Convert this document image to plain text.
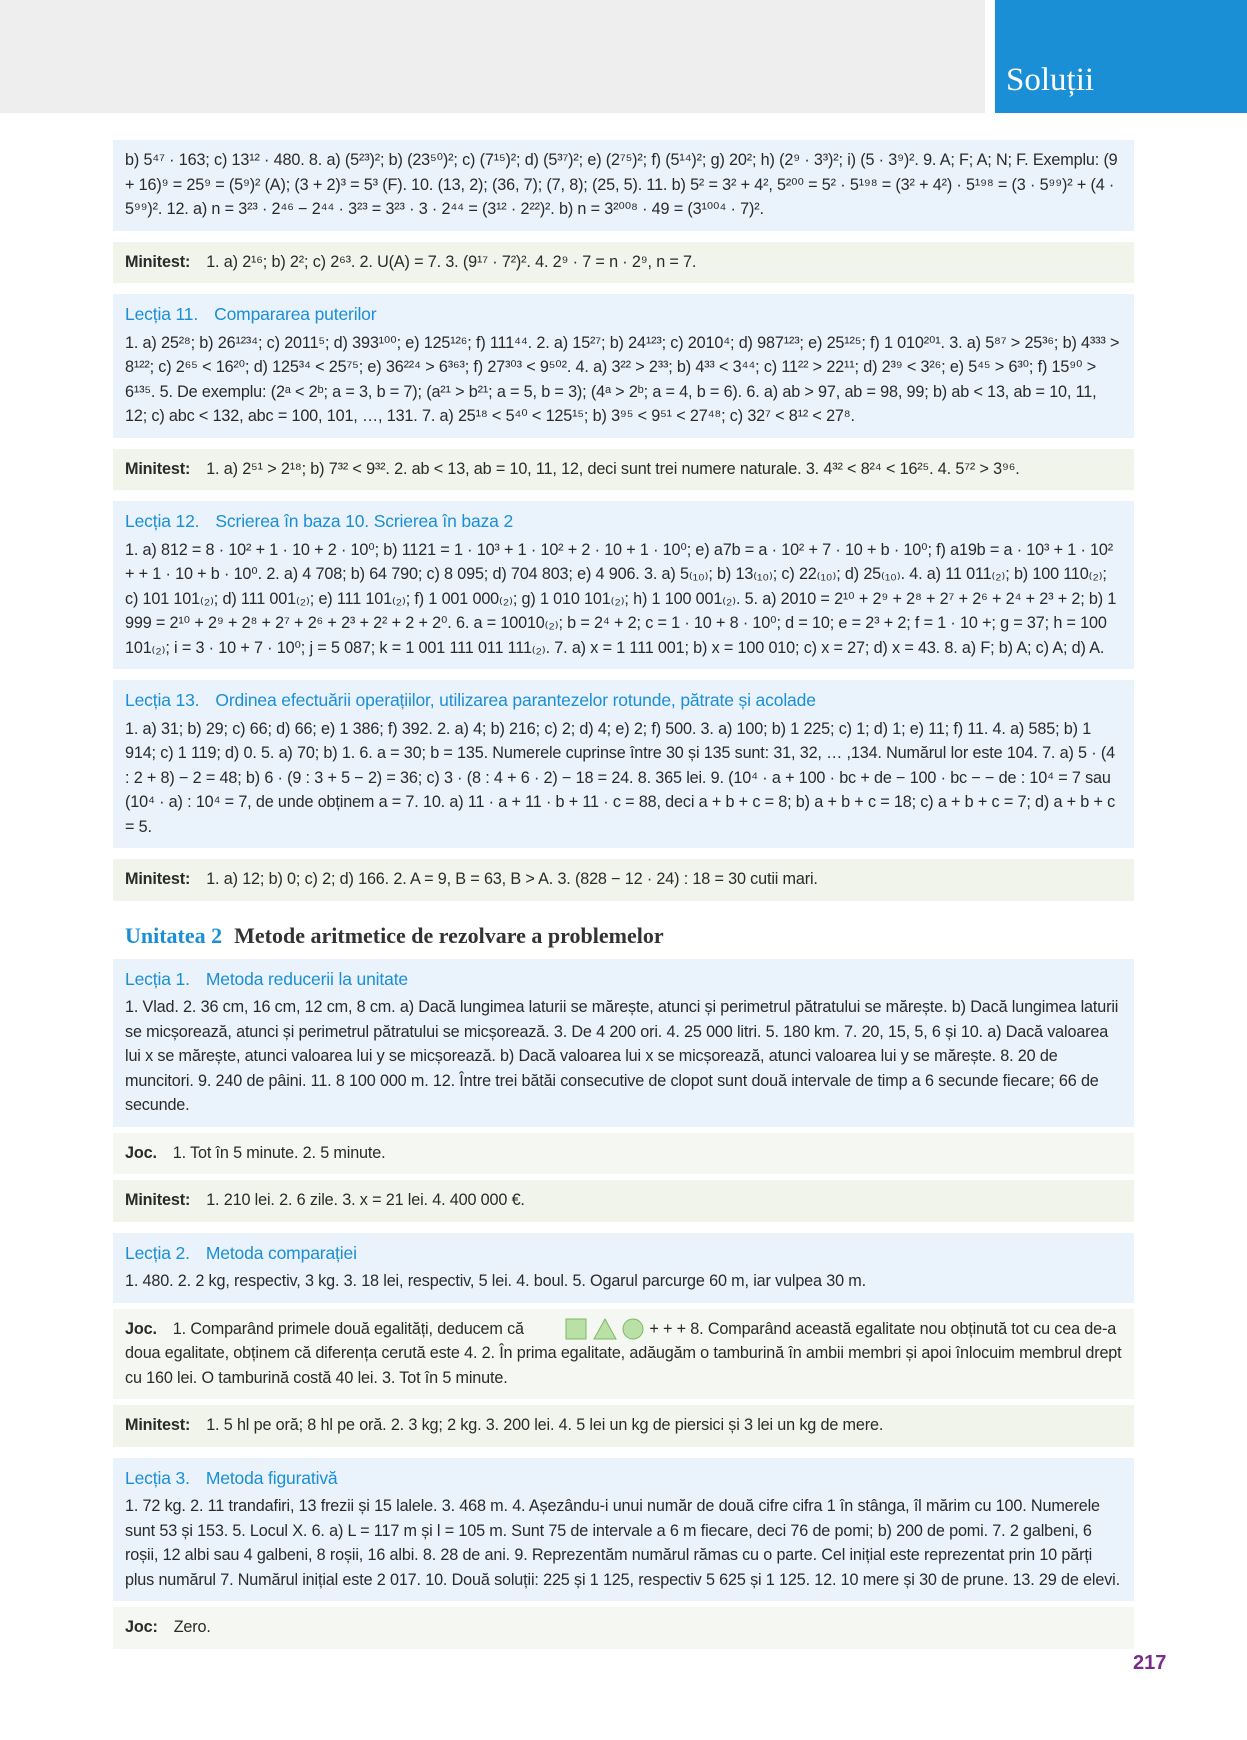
Soluții
b) 5⁴⁷ · 163; c) 13¹² · 480. 8. a) (5²³)²; b) (23⁵⁰)²; c) (7¹⁵)²; d) (5³⁷)²; e) (2⁷⁵)²; f) (5¹⁴)²; g) 20²; h) (2⁹ · 3³)²; i) (5 · 3⁹)². 9. A; F; A; N; F. Exemplu: (9 + 16)⁹ = 25⁹ = (5⁹)² (A); (3 + 2)³ = 5³ (F). 10. (13, 2); (36, 7); (7, 8); (25, 5). 11. b) 5² = 3² + 4², 5²⁰⁰ = 5² · 5¹⁹⁸ = (3² + 4²) · 5¹⁹⁸ = (3 · 5⁹⁹)² + (4 · 5⁹⁹)². 12. a) n = 3²³ · 2⁴⁶ − 2⁴⁴ · 3²³ = 3²³ · 3 · 2⁴⁴ = (3¹² · 2²²)². b) n = 3²⁰⁰⁸ · 49 = (3¹⁰⁰⁴ · 7)².
Minitest: 1. a) 2¹⁶; b) 2²; c) 2⁶³. 2. U(A) = 7. 3. (9¹⁷ · 7²)². 4. 2⁹ · 7 = n · 2⁹, n = 7.
Lecția 11. Compararea puterilor
1. a) 25²⁸; b) 26¹²³⁴; c) 2011⁵; d) 393¹⁰⁰; e) 125¹²⁶; f) 111⁴⁴. 2. a) 15²⁷; b) 24¹²³; c) 2010⁴; d) 987¹²³; e) 25¹²⁵; f) 1 010²⁰¹. 3. a) 5⁸⁷ > 25³⁶; b) 4³³³ > 8¹²²; c) 2⁶⁵ < 16²⁰; d) 125³⁴ < 25⁷⁵; e) 36²²⁴ > 6³⁶³; f) 27³⁰³ < 9⁵⁰². 4. a) 3²² > 2³³; b) 4³³ < 3⁴⁴; c) 11²² > 22¹¹; d) 2³⁹ < 3²⁶; e) 5⁴⁵ > 6³⁰; f) 15⁹⁰ > 6¹³⁵. 5. De exemplu: (2ᵃ < 2ᵇ; a = 3, b = 7); (a²¹ > b²¹; a = 5, b = 3); (4ᵃ > 2ᵇ; a = 4, b = 6). 6. a) ab > 97, ab = 98, 99; b) ab < 13, ab = 10, 11, 12; c) abc < 132, abc = 100, 101, …, 131. 7. a) 25¹⁸ < 5⁴⁰ < 125¹⁵; b) 3⁹⁵ < 9⁵¹ < 27⁴⁸; c) 32⁷ < 8¹² < 27⁸.
Minitest: 1. a) 2⁵¹ > 2¹⁸; b) 7³² < 9³². 2. ab < 13, ab = 10, 11, 12, deci sunt trei numere naturale. 3. 4³² < 8²⁴ < 16²⁵. 4. 5⁷² > 3⁹⁶.
Lecția 12. Scrierea în baza 10. Scrierea în baza 2
1. a) 812 = 8 · 10² + 1 · 10 + 2 · 10⁰; b) 1121 = 1 · 10³ + 1 · 10² + 2 · 10 + 1 · 10⁰; e) a7b = a · 10² + 7 · 10 + b · 10⁰; f) a19b = a · 10³ + 1 · 10² + + 1 · 10 + b · 10⁰. 2. a) 4 708; b) 64 790; c) 8 095; d) 704 803; e) 4 906. 3. a) 5₍₁₀₎; b) 13₍₁₀₎; c) 22₍₁₀₎; d) 25₍₁₀₎. 4. a) 11 011₍₂₎; b) 100 110₍₂₎; c) 101 101₍₂₎; d) 111 001₍₂₎; e) 111 101₍₂₎; f) 1 001 000₍₂₎; g) 1 010 101₍₂₎; h) 1 100 001₍₂₎. 5. a) 2010 = 2¹⁰ + 2⁹ + 2⁸ + 2⁷ + 2⁶ + 2⁴ + 2³ + 2; b) 1 999 = 2¹⁰ + 2⁹ + 2⁸ + 2⁷ + 2⁶ + 2³ + 2² + 2 + 2⁰. 6. a = 10010₍₂₎; b = 2⁴ + 2; c = 1 · 10 + 8 · 10⁰; d = 10; e = 2³ + 2; f = 1 · 10 +; g = 37; h = 100 101₍₂₎; i = 3 · 10 + 7 · 10⁰; j = 5 087; k = 1 001 111 011 111₍₂₎. 7. a) x = 1 111 001; b) x = 100 010; c) x = 27; d) x = 43. 8. a) F; b) A; c) A; d) A.
Lecția 13. Ordinea efectuării operațiilor, utilizarea parantezelor rotunde, pătrate și acolade
1. a) 31; b) 29; c) 66; d) 66; e) 1 386; f) 392. 2. a) 4; b) 216; c) 2; d) 4; e) 2; f) 500. 3. a) 100; b) 1 225; c) 1; d) 1; e) 11; f) 11. 4. a) 585; b) 1 914; c) 1 119; d) 0. 5. a) 70; b) 1. 6. a = 30; b = 135. Numerele cuprinse între 30 și 135 sunt: 31, 32, … ,134. Numărul lor este 104. 7. a) 5 · (4 : 2 + 8) − 2 = 48; b) 6 · (9 : 3 + 5 − 2) = 36; c) 3 · (8 : 4 + 6 · 2) − 18 = 24. 8. 365 lei. 9. (10⁴ · a + 100 · bc + de − 100 · bc − − de : 10⁴ = 7 sau (10⁴ · a) : 10⁴ = 7, de unde obținem a = 7. 10. a) 11 · a + 11 · b + 11 · c = 88, deci a + b + c = 8; b) a + b + c = 18; c) a + b + c = 7; d) a + b + c = 5.
Minitest: 1. a) 12; b) 0; c) 2; d) 166. 2. A = 9, B = 63, B > A. 3. (828 − 12 · 24) : 18 = 30 cutii mari.
Unitatea 2 Metode aritmetice de rezolvare a problemelor
Lecția 1. Metoda reducerii la unitate
1. Vlad. 2. 36 cm, 16 cm, 12 cm, 8 cm. a) Dacă lungimea laturii se mărește, atunci și perimetrul pătratului se mărește. b) Dacă lungimea laturii se micșorează, atunci și perimetrul pătratului se micșorează. 3. De 4 200 ori. 4. 25 000 litri. 5. 180 km. 7. 20, 15, 5, 6 și 10. a) Dacă valoarea lui x se mărește, atunci valoarea lui y se micșorează. b) Dacă valoarea lui x se micșorează, atunci valoarea lui y se mărește. 8. 20 de muncitori. 9. 240 de pâini. 11. 8 100 000 m. 12. Între trei bătăi consecutive de clopot sunt două intervale de timp a 6 secunde fiecare; 66 de secunde.
Joc. 1. Tot în 5 minute. 2. 5 minute.
Minitest: 1. 210 lei. 2. 6 zile. 3. x = 21 lei. 4. 400 000 €.
Lecția 2. Metoda comparației
1. 480. 2. 2 kg, respectiv, 3 kg. 3. 18 lei, respectiv, 5 lei. 4. boul. 5. Ogarul parcurge 60 m, iar vulpea 30 m.
Joc. 1. Comparând primele două egalități, deducem că	+ + + 8. Comparând această egalitate nou obținută tot cu cea de-a doua egalitate, obținem că diferența cerută este 4. 2. În prima egalitate, adăugăm o tamburină în ambii membri și apoi înlocuim membrul drept cu 160 lei. O tamburină costă 40 lei. 3. Tot în 5 minute.
Minitest: 1. 5 hl pe oră; 8 hl pe oră. 2. 3 kg; 2 kg. 3. 200 lei. 4. 5 lei un kg de piersici și 3 lei un kg de mere.
Lecția 3. Metoda figurativă
1. 72 kg. 2. 11 trandafiri, 13 frezii și 15 lalele. 3. 468 m. 4. Așezându-i unui număr de două cifre cifra 1 în stânga, îl mărim cu 100. Numerele sunt 53 și 153. 5. Locul X. 6. a) L = 117 m și l = 105 m. Sunt 75 de intervale a 6 m fiecare, deci 76 de pomi; b) 200 de pomi. 7. 2 galbeni, 6 roșii, 12 albi sau 4 galbeni, 8 roșii, 16 albi. 8. 28 de ani. 9. Reprezentăm numărul rămas cu o parte. Cel inițial este reprezentat prin 10 părți plus numărul 7. Numărul inițial este 2 017. 10. Două soluții: 225 și 1 125, respectiv 5 625 și 1 125. 12. 10 mere și 30 de prune. 13. 29 de elevi.
Joc: Zero.
217
